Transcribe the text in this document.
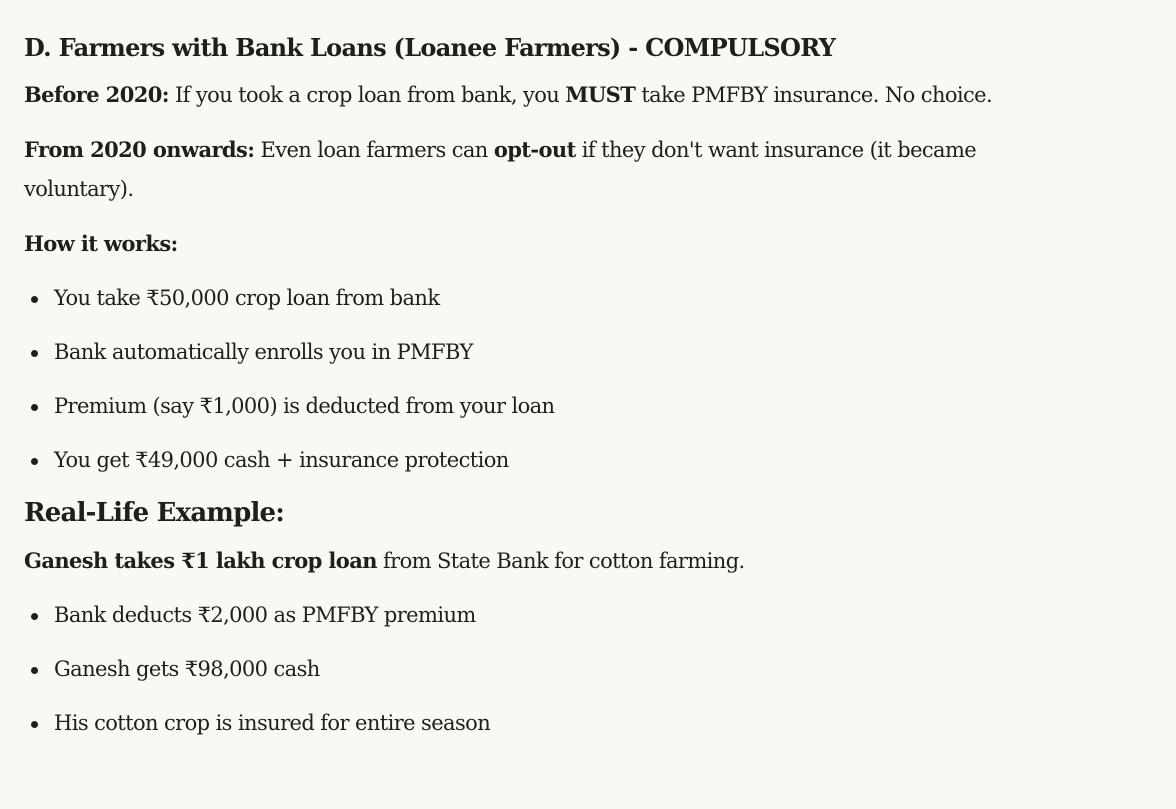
D. Farmers with Bank Loans (Loanee Farmers) - COMPULSORY

Before 2020: If you took a crop loan from bank, you MUST take PMFBY insurance. No choice.

From 2020 onwards: Even loan farmers can opt-out if they don't want insurance (it became voluntary).

How it works:

You take ₹50,000 crop loan from bank
Bank automatically enrolls you in PMFBY
Premium (say ₹1,000) is deducted from your loan
You get ₹49,000 cash + insurance protection
Real-Life Example:

Ganesh takes ₹1 lakh crop loan from State Bank for cotton farming.

Bank deducts ₹2,000 as PMFBY premium
Ganesh gets ₹98,000 cash
His cotton crop is insured for entire season
